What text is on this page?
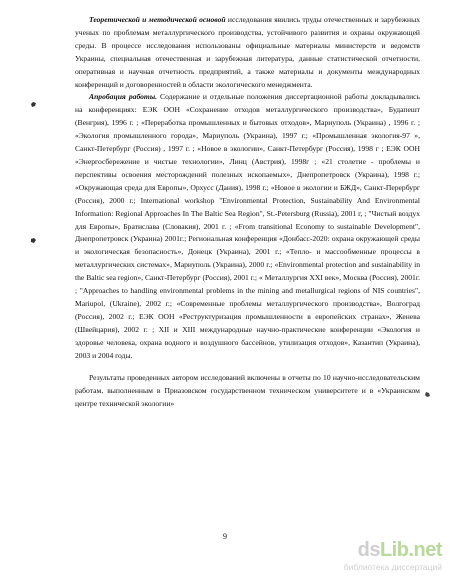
Теоретической и методической основой исследования явились труды отечественных и зарубежных ученых по проблемам металлургического производства, устойчивого развития и охраны окружающей среды. В процессе исследования использованы официальные материалы министерств и ведомств Украины, специальная отечественная и зарубежная литература, данные статистической отчетности, оперативная и научная отчетность предприятий, а также материалы и документы международных конференций и договоренностей в области экологического менеджмента.

Апробация работы. Содержание и отдельные положения диссертационной работы докладывались на конференциях: ЕЭК ООН «Сохранение отходов металлургического производства», Будапешт (Венгрия), 1996 г. ; «Переработка промышленных и бытовых отходов», Мариуполь (Украина) , 1996 г. ; «Экология промышленного города», Мариуполь (Украина), 1997 г.; «Промышленная экология-97 », Санкт-Петербург (Россия) , 1997 г. ; «Новое в экологии», Санкт-Петербург (Россия), 1998 г ; ЕЭК ООН «Энергосбережение и чистые технологии», Линц (Австрия), 1998г ; «21 столетие - проблемы и перспективы освоения месторождений полезных ископаемых», Днепропетровск (Украина), 1998 г.; «Окружающая среда для Европы», Орхусс (Дания), 1998 г.; «Новое в экологии и БЖД», Санкт-Перербург (Россия), 2000 г.; International workshop "Environmental Protection, Sustainability And Environmental Information: Regional Approaches In The Baltic Sea Region", St.-Petersburg (Russia), 2001 г, ; "Чистый воздух для Европы», Братислава (Словакия), 2001 г. ; «From transitional Economy to sustainable Development", Днепропетровск (Украина) 2001г.; Региональная конференция «Донбасс-2020: охрана окружающей среды и экологическая безопасность», Донецк (Украина), 2001 г.; «Тепло- и массообменные процессы в металлургических системах», Мариуполь (Украина), 2000 г.; «Environmental protection and sustainability in the Baltic sea region», Санкт-Петербург (Россия), 2001 г.; « Металлургия XXI век», Москва (Россия), 2001г. ; "Approaches to handling environmental problems in the mining and metallurgical regions of NIS countries", Mariupol, (Ukraine), 2002 г.; «Современные проблемы металлургического производства», Волгоград (Россия), 2002 г.; ЕЭК ООН «Реструктуризация промышленности в европейских странах», Женева (Швейцария), 2002 г. ; XII и XIII международные научно-практические конференции «Экология и здоровье человека, охрана водного и воздушного бассейнов, утилизация отходов», Казантип (Украина), 2003 и 2004 годы.

Результаты проведенных автором исследований включены в отчеты по 10 научно-исследовательским работам, выполненным в Приазовском государственном техническом университете и в «Украинском центре технической экологии»

9
dsLib.net
библиотека диссертаций
